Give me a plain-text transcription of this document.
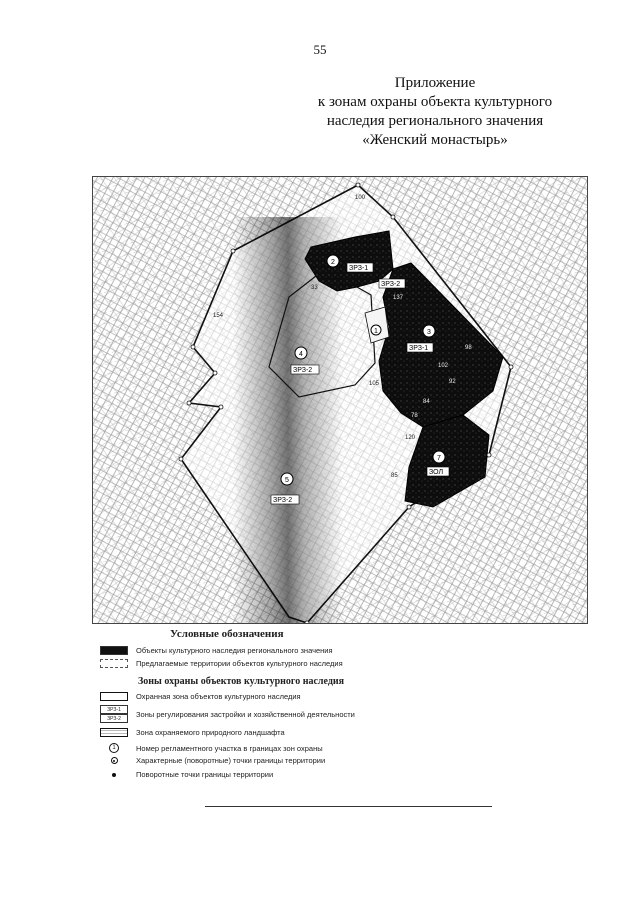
55
Приложение
к зонам охраны объекта культурного
наследия регионального значения
«Женский монастырь»
100
154
137
102
105
120
78
84
92
98
33
85
2
ЗРЗ-1
3
ЗРЗ-1
ЗРЗ-2
1
4
ЗРЗ-2
5
ЗРЗ-2
7
ЗОЛ
Условные обозначения
Объекты культурного наследия регионального значения
Предлагаемые территории объектов культурного наследия
Зоны охраны объектов культурного наследия
Охранная зона объектов культурного наследия
ЗРЗ-1
ЗРЗ-2
Зоны регулирования застройки и хозяйственной деятельности
Зона охраняемого природного ландшафта
1	Номер регламентного участка в границах зон охраны
Характерные (поворотные) точки границы территории
Поворотные точки границы территории
